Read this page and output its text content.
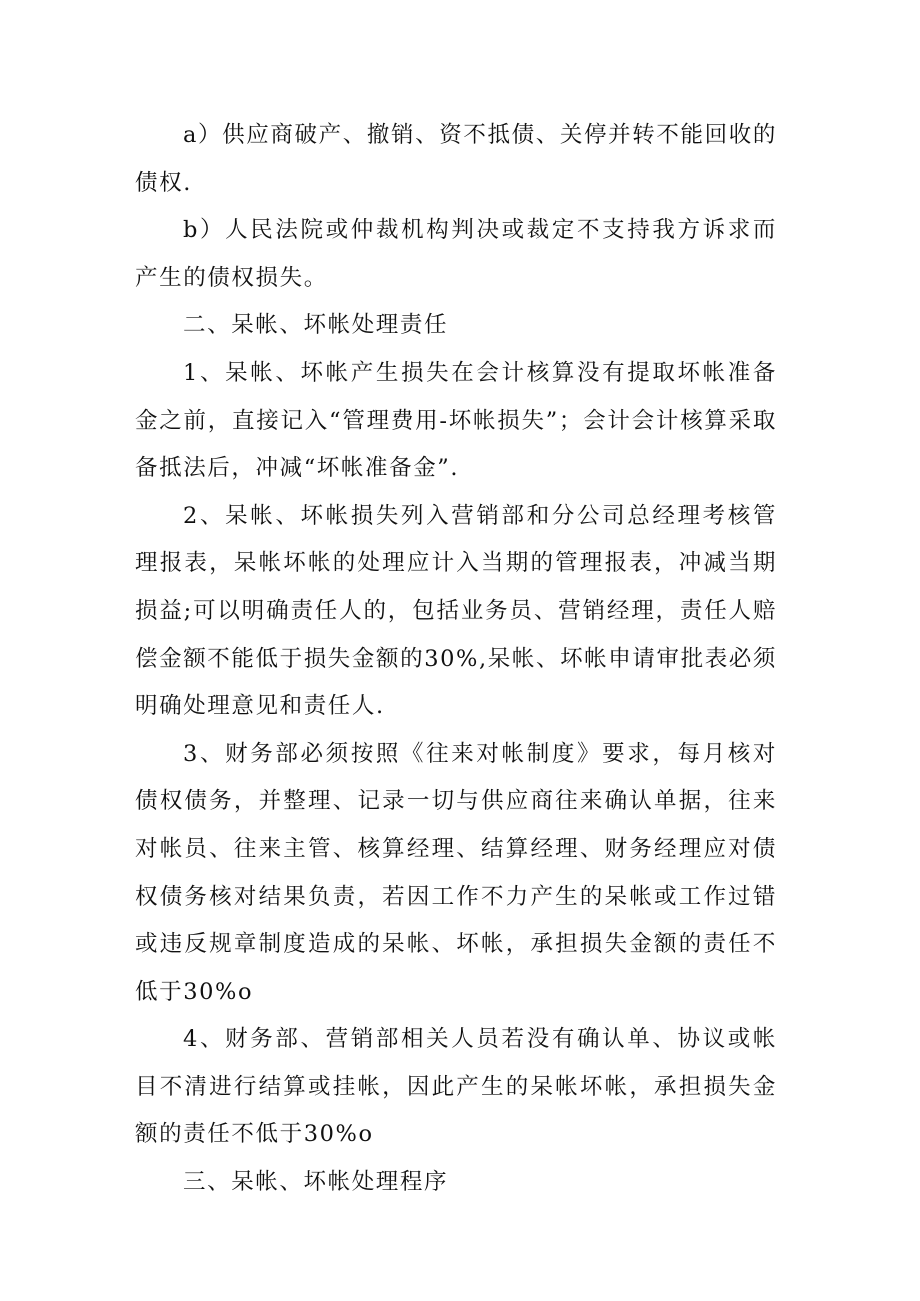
a）供应商破产、撤销、资不抵债、关停并转不能回收的债权.

b）人民法院或仲裁机构判决或裁定不支持我方诉求而产生的债权损失。

二、呆帐、坏帐处理责任

1、呆帐、坏帐产生损失在会计核算没有提取坏帐准备金之前，直接记入“管理费用-坏帐损失”；会计会计核算采取备抵法后，冲减“坏帐准备金”.

2、呆帐、坏帐损失列入营销部和分公司总经理考核管理报表，呆帐坏帐的处理应计入当期的管理报表，冲减当期损益;可以明确责任人的，包括业务员、营销经理，责任人赔偿金额不能低于损失金额的30%,呆帐、坏帐申请审批表必须明确处理意见和责任人.

3、财务部必须按照《往来对帐制度》要求，每月核对债权债务，并整理、记录一切与供应商往来确认单据，往来对帐员、往来主管、核算经理、结算经理、财务经理应对债权债务核对结果负责，若因工作不力产生的呆帐或工作过错或违反规章制度造成的呆帐、坏帐，承担损失金额的责任不低于30%o

4、财务部、营销部相关人员若没有确认单、协议或帐目不清进行结算或挂帐，因此产生的呆帐坏帐，承担损失金额的责任不低于30%o

三、呆帐、坏帐处理程序
